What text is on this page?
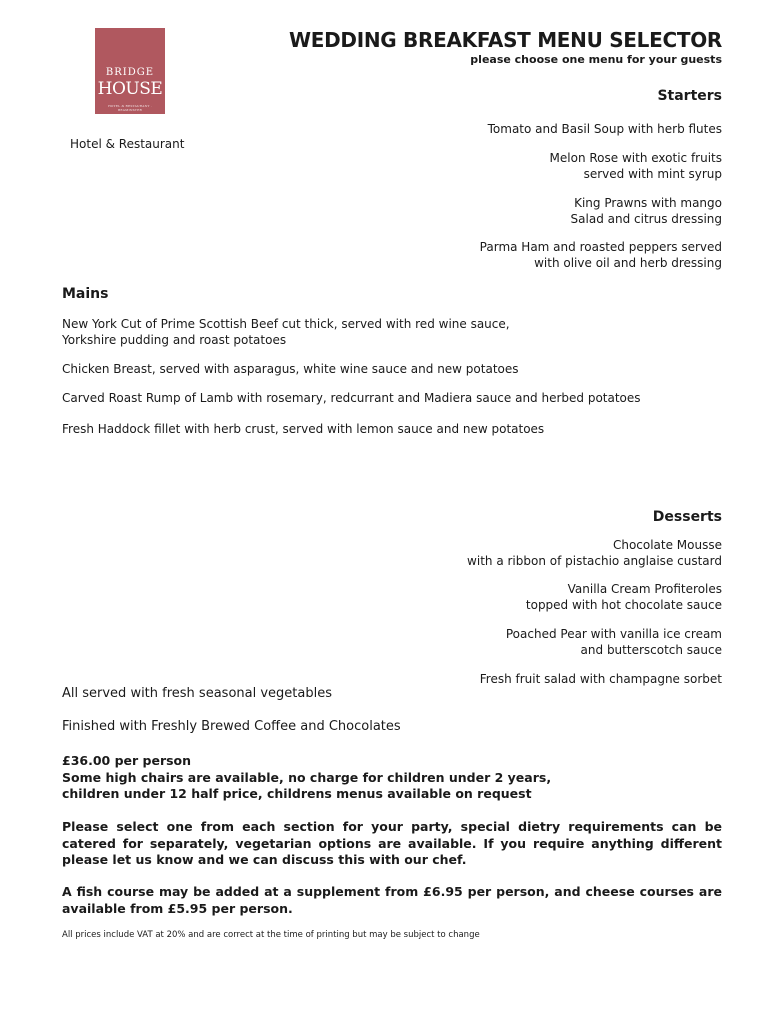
BRIDGE
HOUSE
HOTEL & RESTAURANT · BEAMINSTER
Hotel & Restaurant
WEDDING BREAKFAST MENU SELECTOR
please choose one menu for your guests
Starters
Tomato and Basil Soup with herb flutes
Melon Rose with exotic fruits
served with mint syrup
King Prawns with mango
Salad and citrus dressing
Parma Ham and roasted peppers served
with olive oil and herb dressing
Mains
New York Cut of Prime Scottish Beef cut thick, served with red wine sauce,
Yorkshire pudding and roast potatoes
Chicken Breast, served with asparagus, white wine sauce and new potatoes
Carved Roast Rump of Lamb with rosemary, redcurrant and Madiera sauce and herbed potatoes
Fresh Haddock fillet with herb crust, served with lemon sauce and new potatoes
Desserts
Chocolate Mousse
with a ribbon of pistachio anglaise custard
Vanilla Cream Profiteroles
topped with hot chocolate sauce
Poached Pear with vanilla ice cream
and butterscotch sauce
Fresh fruit salad with champagne sorbet
All served with fresh seasonal vegetables
Finished with Freshly Brewed Coffee and Chocolates
£36.00 per person
Some high chairs are available, no charge for children under 2 years,
children under 12 half price, childrens menus available on request
Please select one from each section for your party, special dietry requirements can be catered for separately, vegetarian options are available. If you require anything different please let us know and we can discuss this with our chef.
A fish course may be added at a supplement from £6.95 per person, and cheese courses are available from £5.95 per person.
All prices include VAT at 20% and are correct at the time of printing but may be subject to change
